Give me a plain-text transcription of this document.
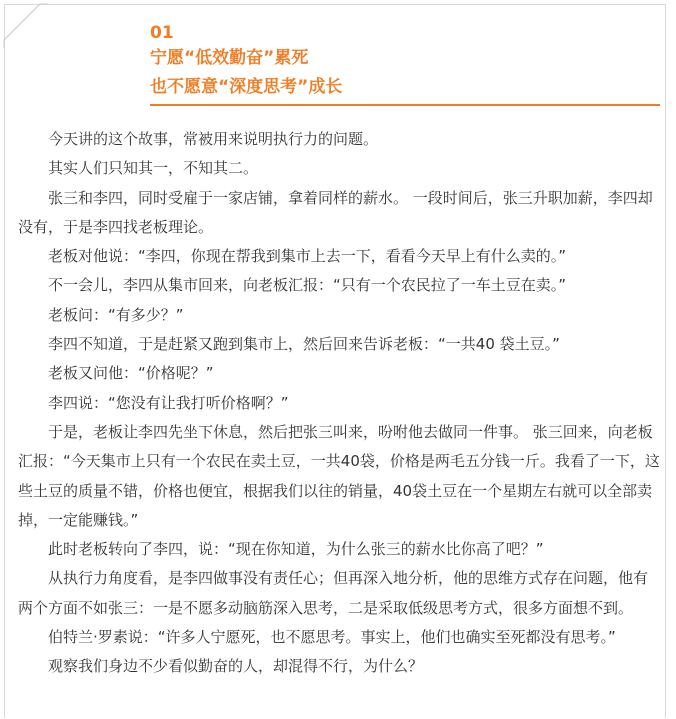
01
宁愿“低效勤奋”累死
也不愿意“深度思考”成长

今天讲的这个故事，常被用来说明执行力的问题。

其实人们只知其一，不知其二。

张三和李四，同时受雇于一家店铺，拿着同样的薪水。 一段时间后，张三升职加薪，李四却没有，于是李四找老板理论。

老板对他说：“李四，你现在帮我到集市上去一下，看看今天早上有什么卖的。”

不一会儿，李四从集市回来，向老板汇报：“只有一个农民拉了一车土豆在卖。”

老板问：“有多少？”

李四不知道，于是赶紧又跑到集市上，然后回来告诉老板：“一共40 袋土豆。”

老板又问他：“价格呢？”

李四说：“您没有让我打听价格啊？”

于是，老板让李四先坐下休息，然后把张三叫来，吩咐他去做同一件事。 张三回来，向老板汇报：“今天集市上只有一个农民在卖土豆，一共40袋，价格是两毛五分钱一斤。我看了一下，这些土豆的质量不错，价格也便宜，根据我们以往的销量，40袋土豆在一个星期左右就可以全部卖掉，一定能赚钱。”

此时老板转向了李四，说：“现在你知道，为什么张三的薪水比你高了吧？”

从执行力角度看，是李四做事没有责任心；但再深入地分析，他的思维方式存在问题，他有两个方面不如张三：一是不愿多动脑筋深入思考，二是采取低级思考方式，很多方面想不到。

伯特兰·罗素说：“许多人宁愿死，也不愿思考。事实上，他们也确实至死都没有思考。”

观察我们身边不少看似勤奋的人，却混得不行，为什么？
